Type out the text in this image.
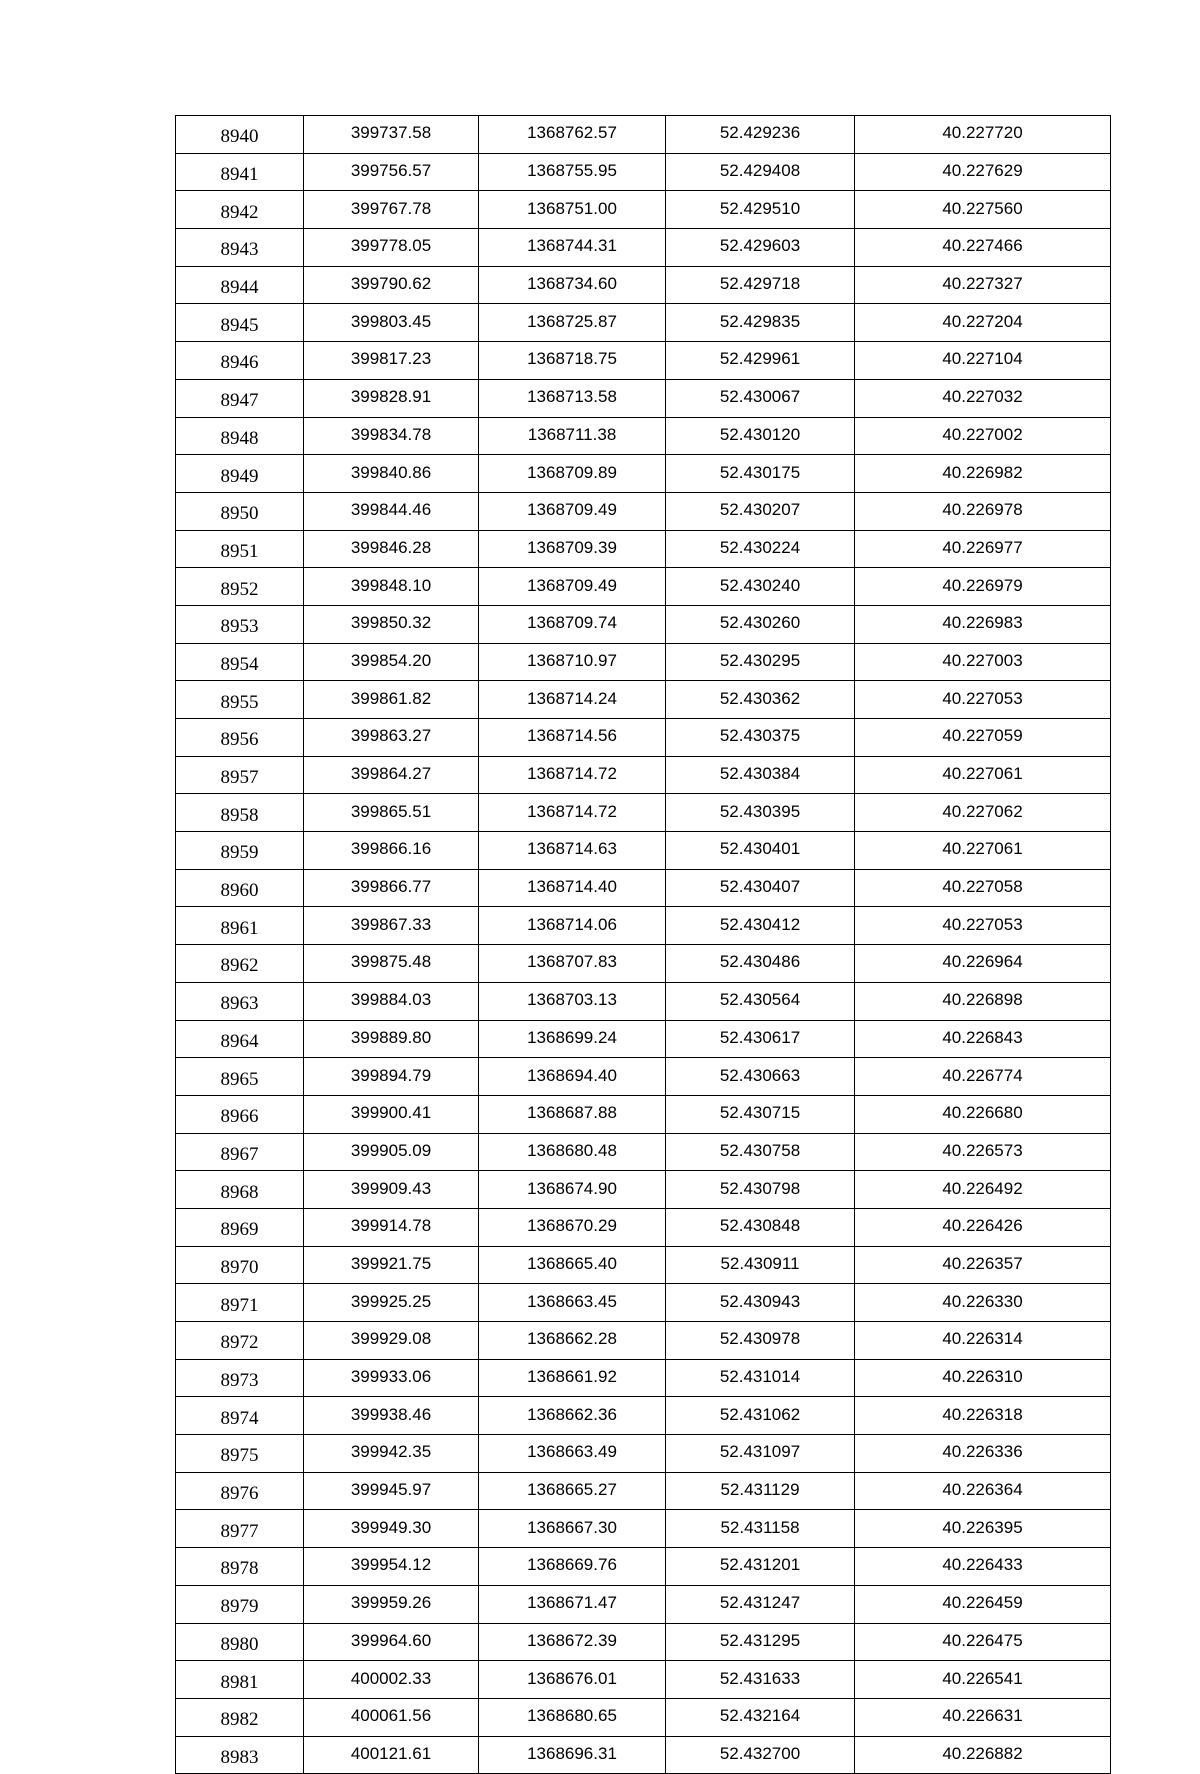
8940	399737.58	1368762.57	52.429236	40.227720
8941	399756.57	1368755.95	52.429408	40.227629
8942	399767.78	1368751.00	52.429510	40.227560
8943	399778.05	1368744.31	52.429603	40.227466
8944	399790.62	1368734.60	52.429718	40.227327
8945	399803.45	1368725.87	52.429835	40.227204
8946	399817.23	1368718.75	52.429961	40.227104
8947	399828.91	1368713.58	52.430067	40.227032
8948	399834.78	1368711.38	52.430120	40.227002
8949	399840.86	1368709.89	52.430175	40.226982
8950	399844.46	1368709.49	52.430207	40.226978
8951	399846.28	1368709.39	52.430224	40.226977
8952	399848.10	1368709.49	52.430240	40.226979
8953	399850.32	1368709.74	52.430260	40.226983
8954	399854.20	1368710.97	52.430295	40.227003
8955	399861.82	1368714.24	52.430362	40.227053
8956	399863.27	1368714.56	52.430375	40.227059
8957	399864.27	1368714.72	52.430384	40.227061
8958	399865.51	1368714.72	52.430395	40.227062
8959	399866.16	1368714.63	52.430401	40.227061
8960	399866.77	1368714.40	52.430407	40.227058
8961	399867.33	1368714.06	52.430412	40.227053
8962	399875.48	1368707.83	52.430486	40.226964
8963	399884.03	1368703.13	52.430564	40.226898
8964	399889.80	1368699.24	52.430617	40.226843
8965	399894.79	1368694.40	52.430663	40.226774
8966	399900.41	1368687.88	52.430715	40.226680
8967	399905.09	1368680.48	52.430758	40.226573
8968	399909.43	1368674.90	52.430798	40.226492
8969	399914.78	1368670.29	52.430848	40.226426
8970	399921.75	1368665.40	52.430911	40.226357
8971	399925.25	1368663.45	52.430943	40.226330
8972	399929.08	1368662.28	52.430978	40.226314
8973	399933.06	1368661.92	52.431014	40.226310
8974	399938.46	1368662.36	52.431062	40.226318
8975	399942.35	1368663.49	52.431097	40.226336
8976	399945.97	1368665.27	52.431129	40.226364
8977	399949.30	1368667.30	52.431158	40.226395
8978	399954.12	1368669.76	52.431201	40.226433
8979	399959.26	1368671.47	52.431247	40.226459
8980	399964.60	1368672.39	52.431295	40.226475
8981	400002.33	1368676.01	52.431633	40.226541
8982	400061.56	1368680.65	52.432164	40.226631
8983	400121.61	1368696.31	52.432700	40.226882
